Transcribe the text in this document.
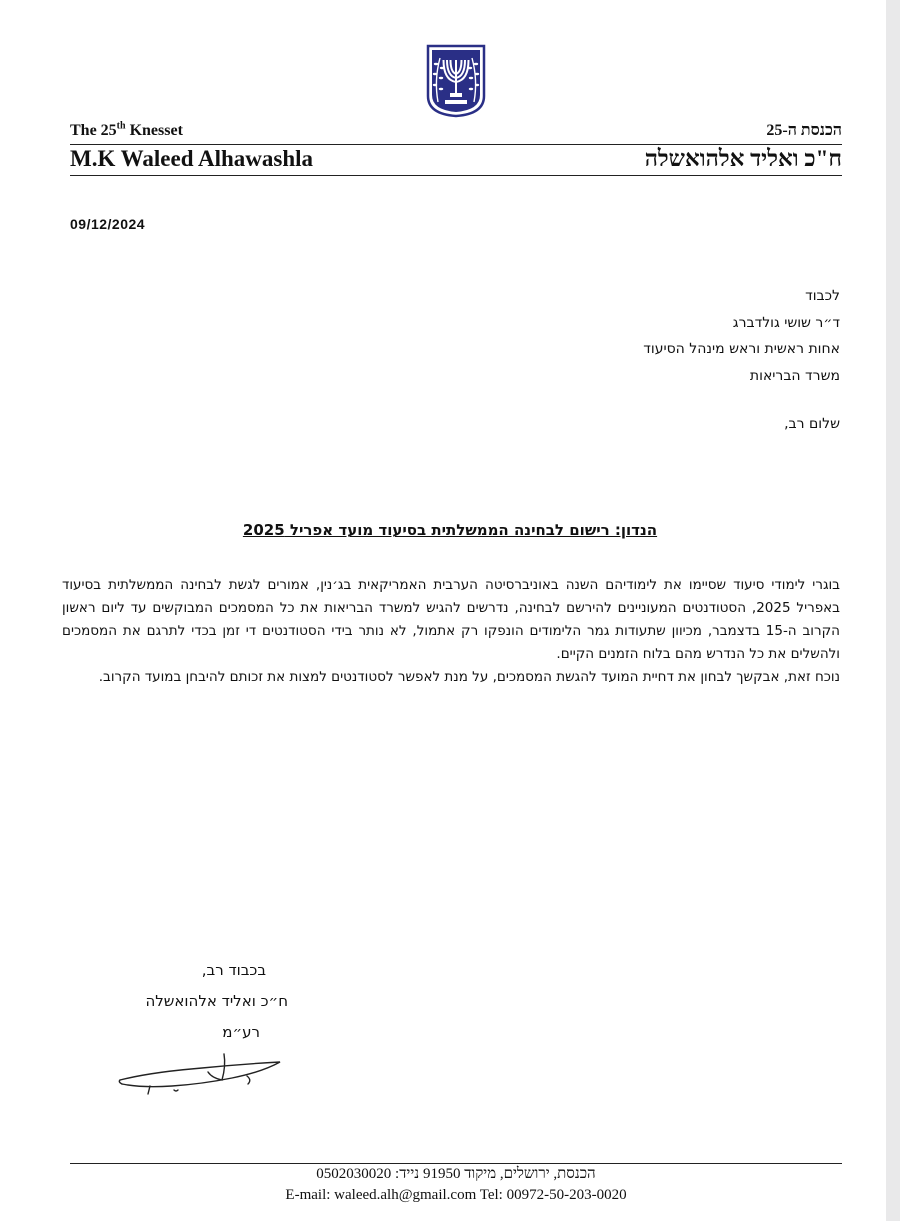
The 25th Knesset	הכנסת ה-25
M.K Waleed Alhawashla	ח"כ ואליד אלהואשלה
09/12/2024
לכבוד
ד״ר שושי גולדברג
אחות ראשית וראש מינהל הסיעוד
משרד הבריאות
שלום רב,
הנדון: רישום לבחינה הממשלתית בסיעוד מועד אפריל 2025

בוגרי לימודי סיעוד שסיימו את לימודיהם השנה באוניברסיטה הערבית האמריקאית בג׳נין, אמורים לגשת לבחינה הממשלתית בסיעוד באפריל 2025, הסטודנטים המעוניינים להירשם לבחינה, נדרשים להגיש למשרד הבריאות את כל המסמכים המבוקשים עד ליום ראשון הקרוב ה-15 בדצמבר, מכיוון שתעודות גמר הלימודים הונפקו רק אתמול, לא נותר בידי הסטודנטים די זמן בכדי לתרגם את המסמכים ולהשלים את כל הנדרש מהם בלוח הזמנים הקיים.

נוכח זאת, אבקשך לבחון את דחיית המועד להגשת המסמכים, על מנת לאפשר לסטודנטים למצות את זכותם להיבחן במועד הקרוב.

בכבוד רב,
ח״כ ואליד אלהואשלה
רע״מ
הכנסת, ירושלים, מיקוד 91950 נייד: 0502030020
E-mail: waleed.alh@gmail.com Tel: 00972-50-203-0020
